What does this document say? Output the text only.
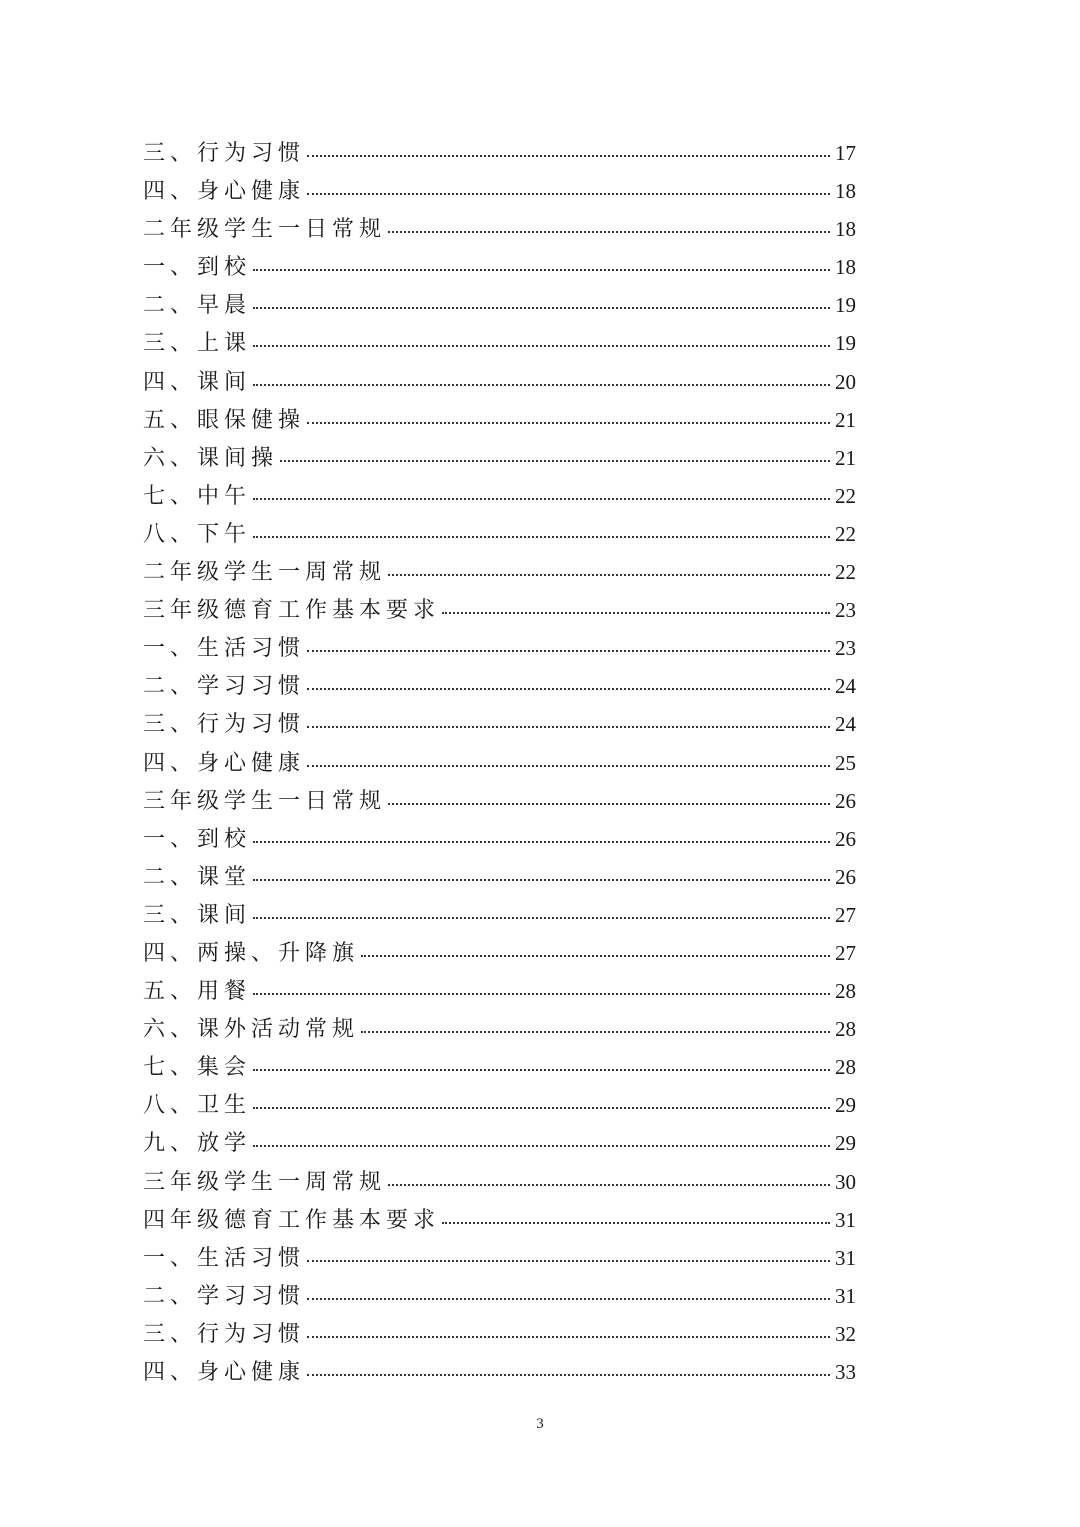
三、行为习惯	17
四、身心健康	18
二年级学生一日常规	18
一、到校	18
二、早晨	19
三、上课	19
四、课间	20
五、眼保健操	21
六、课间操	21
七、中午	22
八、下午	22
二年级学生一周常规	22
三年级德育工作基本要求	23
一、生活习惯	23
二、学习习惯	24
三、行为习惯	24
四、身心健康	25
三年级学生一日常规	26
一、到校	26
二、课堂	26
三、课间	27
四、两操、升降旗	27
五、用餐	28
六、课外活动常规	28
七、集会	28
八、卫生	29
九、放学	29
三年级学生一周常规	30
四年级德育工作基本要求	31
一、生活习惯	31
二、学习习惯	31
三、行为习惯	32
四、身心健康	33
3
